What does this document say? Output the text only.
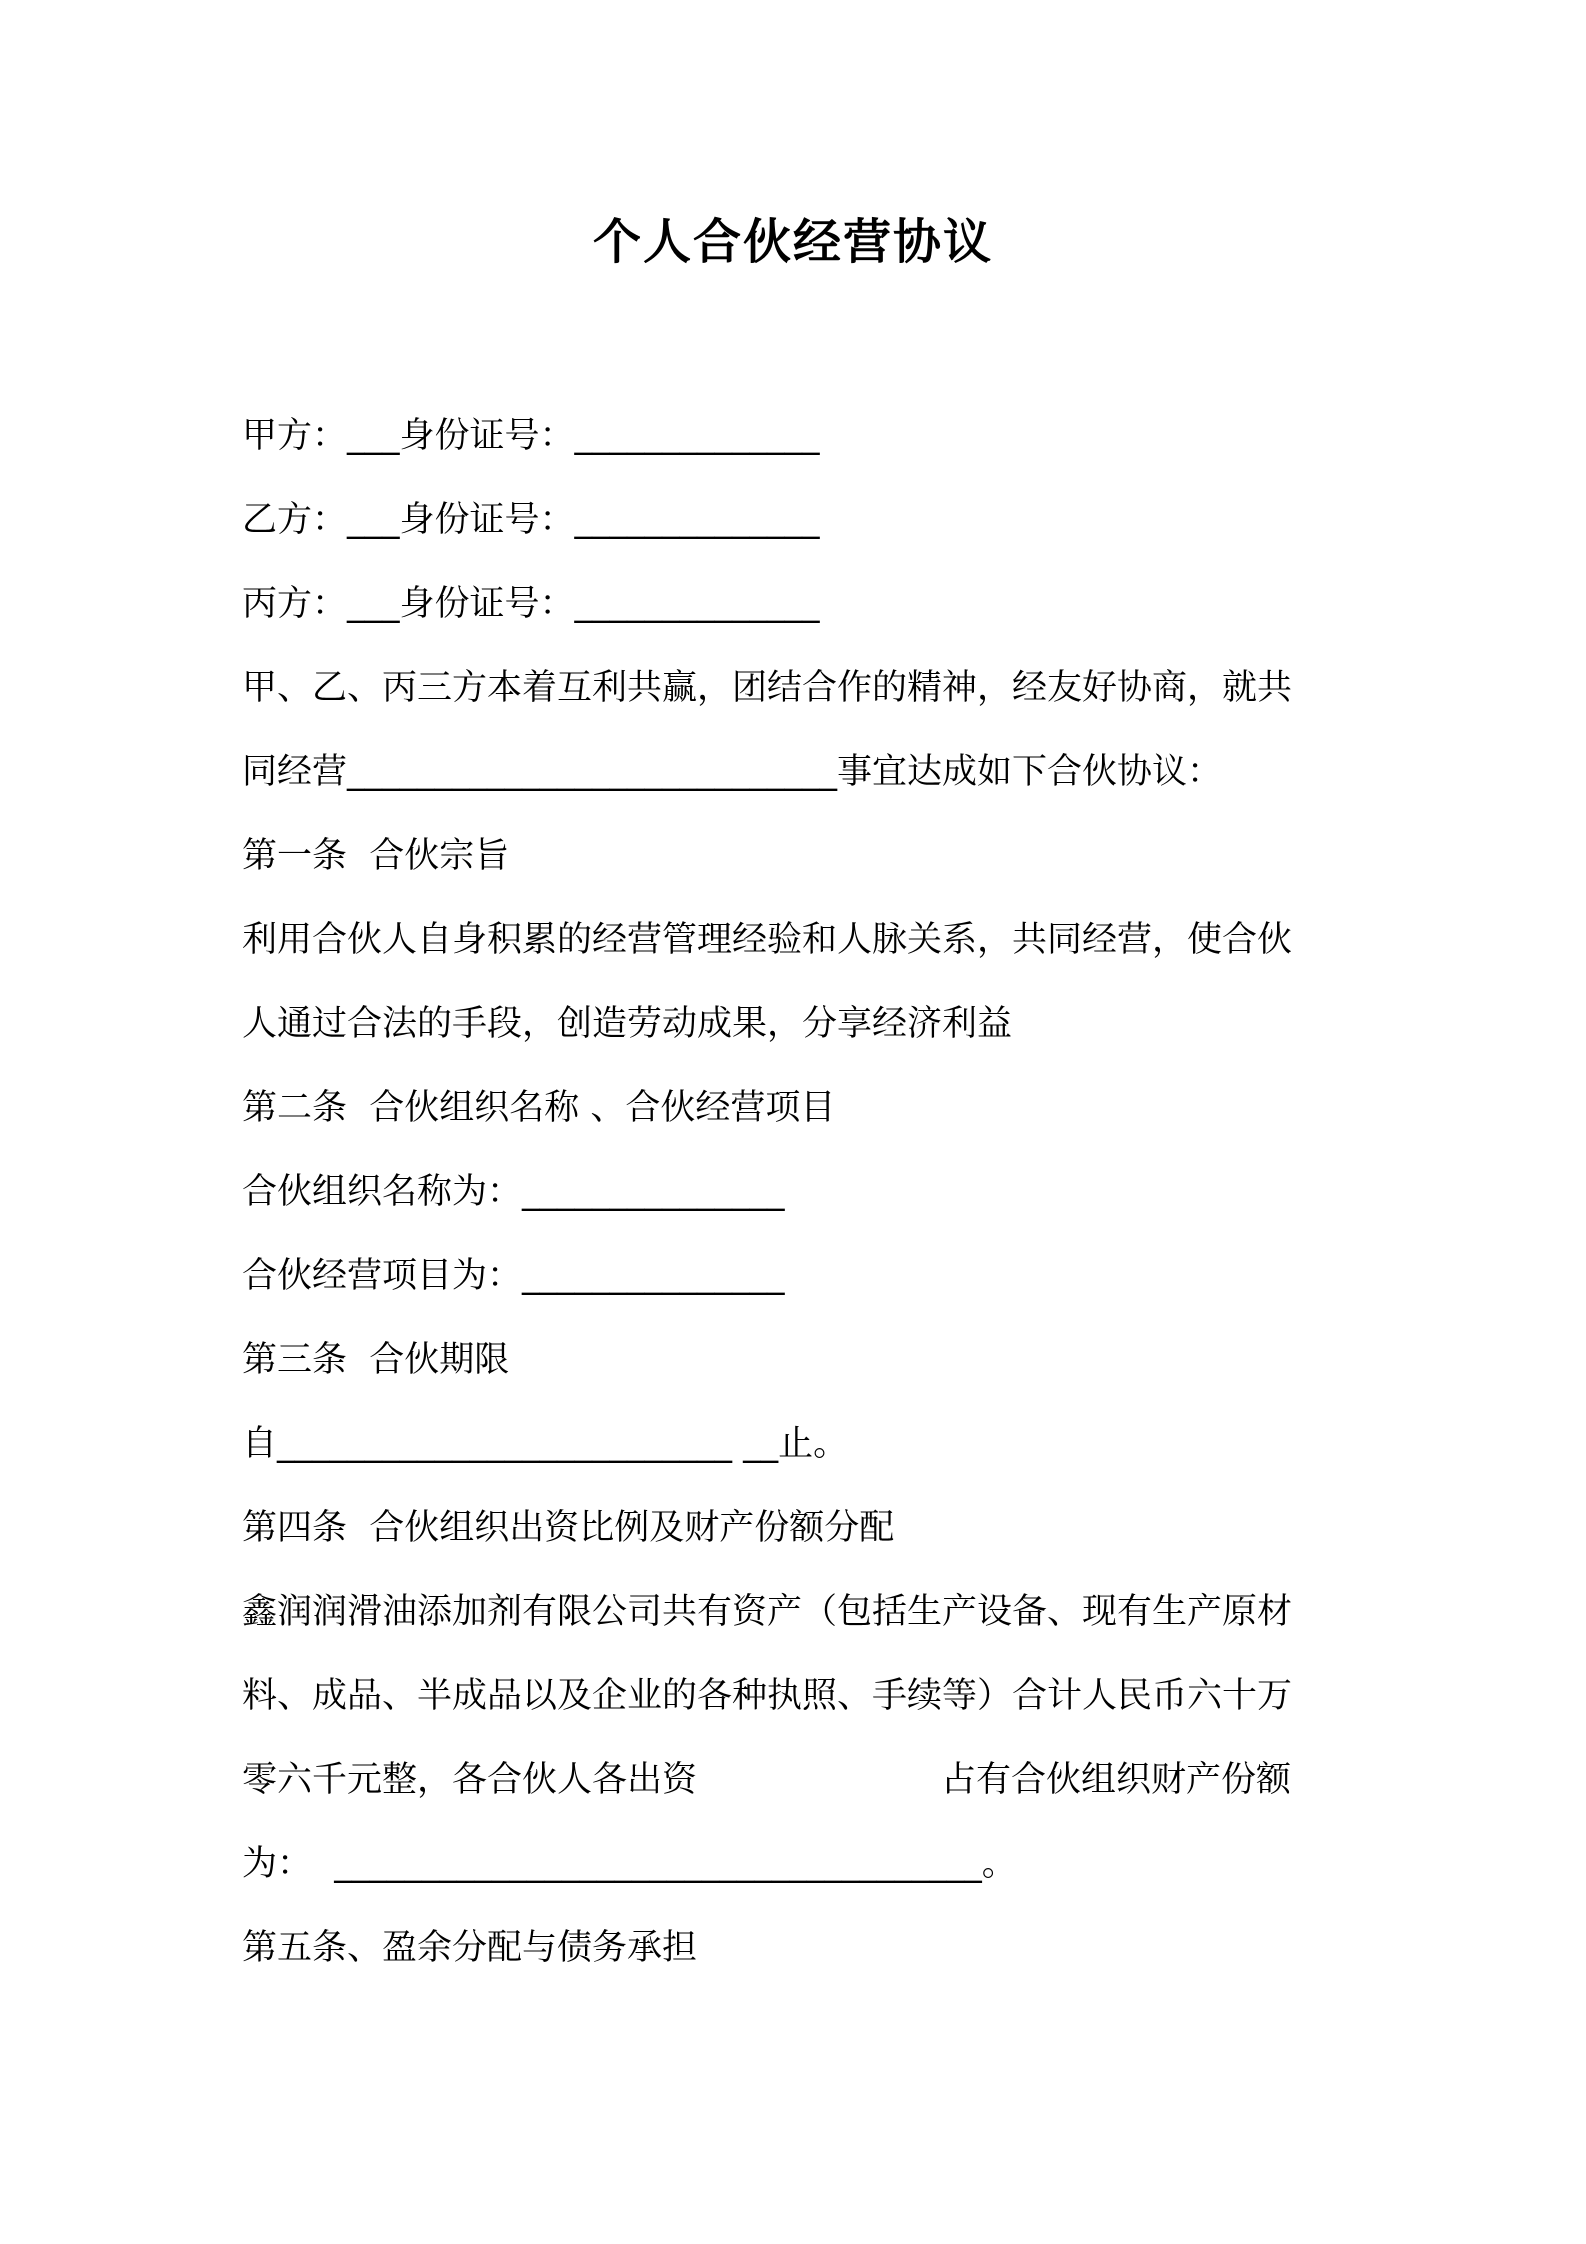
个人合伙经营协议
甲方：___身份证号：______________
乙方：___身份证号：______________
丙方：___身份证号：______________
甲、乙、丙三方本着互利共赢，团结合作的精神，经友好协商，就共
同经营____________________________事宜达成如下合伙协议：
第一条  合伙宗旨
利用合伙人自身积累的经营管理经验和人脉关系，共同经营，使合伙
人通过合法的手段，创造劳动成果，分享经济利益
第二条  合伙组织名称 、合伙经营项目
合伙组织名称为：_______________
合伙经营项目为：_______________
第三条  合伙期限
自__________________________ __止。
第四条  合伙组织出资比例及财产份额分配
鑫润润滑油添加剂有限公司共有资产（包括生产设备、现有生产原材
料、成品、半成品以及企业的各种执照、手续等）合计人民币六十万
零六千元整，各合伙人各出资	占有合伙组织财产份额
为：  _____________________________________。
第五条、盈余分配与债务承担
